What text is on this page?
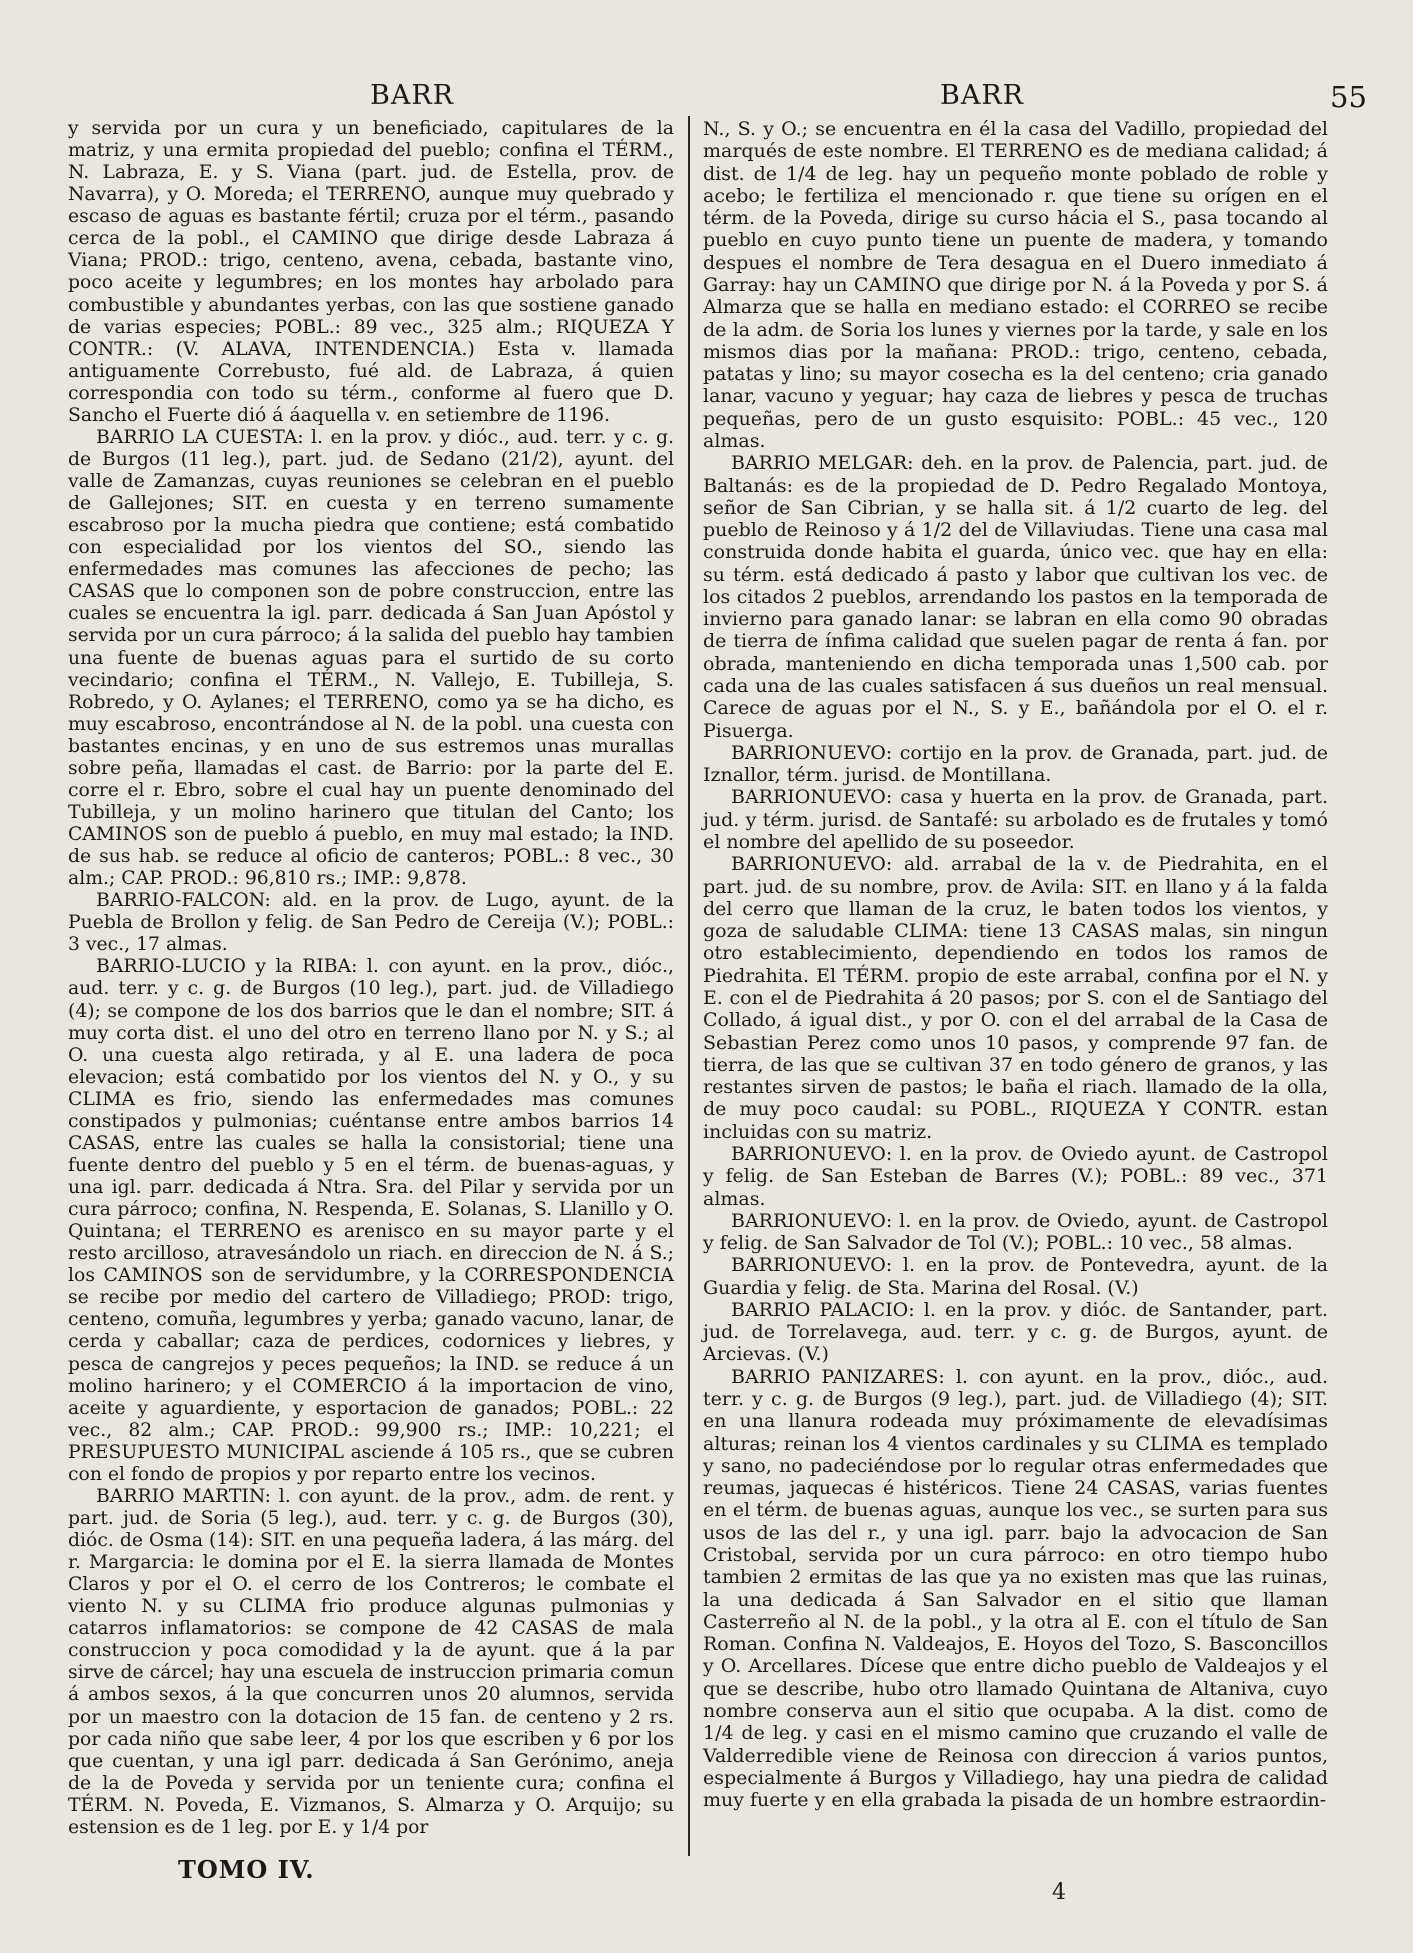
BARR	BARR	55

y servida por un cura y un beneficiado, capitulares de la matriz, y una ermita propiedad del pueblo; confina el TÉRM., N. Labraza, E. y S. Viana (part. jud. de Estella, prov. de Navarra), y O. Moreda; el TERRENO, aunque muy quebrado y escaso de aguas es bastante fértil; cruza por el térm., pasando cerca de la pobl., el CAMINO que dirige desde Labraza á Viana; PROD.: trigo, centeno, avena, cebada, bastante vino, poco aceite y legumbres; en los montes hay arbolado para combustible y abundantes yerbas, con las que sostiene ganado de varias especies; POBL.: 89 vec., 325 alm.; RIQUEZA Y CONTR.: (V. ALAVA, INTENDENCIA.) Esta v. llamada antiguamente Correbusto, fué ald. de Labraza, á quien correspondia con todo su térm., conforme al fuero que D. Sancho el Fuerte dió á áaquella v. en setiembre de 1196.

BARRIO LA CUESTA: l. en la prov. y dióc., aud. terr. y c. g. de Burgos (11 leg.), part. jud. de Sedano (21/2), ayunt. del valle de Zamanzas, cuyas reuniones se celebran en el pueblo de Gallejones; SIT. en cuesta y en terreno sumamente escabroso por la mucha piedra que contiene; está combatido con especialidad por los vientos del SO., siendo las enfermedades mas comunes las afecciones de pecho; las CASAS que lo componen son de pobre construccion, entre las cuales se encuentra la igl. parr. dedicada á San Juan Apóstol y servida por un cura párroco; á la salida del pueblo hay tambien una fuente de buenas aguas para el surtido de su corto vecindario; confina el TÉRM., N. Vallejo, E. Tubilleja, S. Robredo, y O. Aylanes; el TERRENO, como ya se ha dicho, es muy escabroso, encontrándose al N. de la pobl. una cuesta con bastantes encinas, y en uno de sus estremos unas murallas sobre peña, llamadas el cast. de Barrio: por la parte del E. corre el r. Ebro, sobre el cual hay un puente denominado del Tubilleja, y un molino harinero que titulan del Canto; los CAMINOS son de pueblo á pueblo, en muy mal estado; la IND. de sus hab. se reduce al oficio de canteros; POBL.: 8 vec., 30 alm.; CAP. PROD.: 96,810 rs.; IMP.: 9,878.

BARRIO-FALCON: ald. en la prov. de Lugo, ayunt. de la Puebla de Brollon y felig. de San Pedro de Cereija (V.); POBL.: 3 vec., 17 almas.

BARRIO-LUCIO y la RIBA: l. con ayunt. en la prov., dióc., aud. terr. y c. g. de Burgos (10 leg.), part. jud. de Villadiego (4); se compone de los dos barrios que le dan el nombre; SIT. á muy corta dist. el uno del otro en terreno llano por N. y S.; al O. una cuesta algo retirada, y al E. una ladera de poca elevacion; está combatido por los vientos del N. y O., y su CLIMA es frio, siendo las enfermedades mas comunes constipados y pulmonias; cuéntanse entre ambos barrios 14 CASAS, entre las cuales se halla la consistorial; tiene una fuente dentro del pueblo y 5 en el térm. de buenas-aguas, y una igl. parr. dedicada á Ntra. Sra. del Pilar y servida por un cura párroco; confina, N. Respenda, E. Solanas, S. Llanillo y O. Quintana; el TERRENO es arenisco en su mayor parte y el resto arcilloso, atravesándolo un riach. en direccion de N. á S.; los CAMINOS son de servidumbre, y la CORRESPONDENCIA se recibe por medio del cartero de Villadiego; PROD: trigo, centeno, comuña, legumbres y yerba; ganado vacuno, lanar, de cerda y caballar; caza de perdices, codornices y liebres, y pesca de cangrejos y peces pequeños; la IND. se reduce á un molino harinero; y el COMERCIO á la importacion de vino, aceite y aguardiente, y esportacion de ganados; POBL.: 22 vec., 82 alm.; CAP. PROD.: 99,900 rs.; IMP.: 10,221; el PRESUPUESTO MUNICIPAL asciende á 105 rs., que se cubren con el fondo de propios y por reparto entre los vecinos.

BARRIO MARTIN: l. con ayunt. de la prov., adm. de rent. y part. jud. de Soria (5 leg.), aud. terr. y c. g. de Burgos (30), dióc. de Osma (14): SIT. en una pequeña ladera, á las márg. del r. Margarcia: le domina por el E. la sierra llamada de Montes Claros y por el O. el cerro de los Contreros; le combate el viento N. y su CLIMA frio produce algunas pulmonias y catarros inflamatorios: se compone de 42 CASAS de mala construccion y poca comodidad y la de ayunt. que á la par sirve de cárcel; hay una escuela de instruccion primaria comun á ambos sexos, á la que concurren unos 20 alumnos, servida por un maestro con la dotacion de 15 fan. de centeno y 2 rs. por cada niño que sabe leer, 4 por los que escriben y 6 por los que cuentan, y una igl parr. dedicada á San Gerónimo, aneja de la de Poveda y servida por un teniente cura; confina el TÉRM. N. Poveda, E. Vizmanos, S. Almarza y O. Arquijo; su estension es de 1 leg. por E. y 1/4 por

N., S. y O.; se encuentra en él la casa del Vadillo, propiedad del marqués de este nombre. El TERRENO es de mediana calidad; á dist. de 1/4 de leg. hay un pequeño monte poblado de roble y acebo; le fertiliza el mencionado r. que tiene su orígen en el térm. de la Poveda, dirige su curso hácia el S., pasa tocando al pueblo en cuyo punto tiene un puente de madera, y tomando despues el nombre de Tera desagua en el Duero inmediato á Garray: hay un CAMINO que dirige por N. á la Poveda y por S. á Almarza que se halla en mediano estado: el CORREO se recibe de la adm. de Soria los lunes y viernes por la tarde, y sale en los mismos dias por la mañana: PROD.: trigo, centeno, cebada, patatas y lino; su mayor cosecha es la del centeno; cria ganado lanar, vacuno y yeguar; hay caza de liebres y pesca de truchas pequeñas, pero de un gusto esquisito: POBL.: 45 vec., 120 almas.

BARRIO MELGAR: deh. en la prov. de Palencia, part. jud. de Baltanás: es de la propiedad de D. Pedro Regalado Montoya, señor de San Cibrian, y se halla sit. á 1/2 cuarto de leg. del pueblo de Reinoso y á 1/2 del de Villaviudas. Tiene una casa mal construida donde habita el guarda, único vec. que hay en ella: su térm. está dedicado á pasto y labor que cultivan los vec. de los citados 2 pueblos, arrendando los pastos en la temporada de invierno para ganado lanar: se labran en ella como 90 obradas de tierra de ínfima calidad que suelen pagar de renta á fan. por obrada, manteniendo en dicha temporada unas 1,500 cab. por cada una de las cuales satisfacen á sus dueños un real mensual. Carece de aguas por el N., S. y E., bañándola por el O. el r. Pisuerga.

BARRIONUEVO: cortijo en la prov. de Granada, part. jud. de Iznallor, térm. jurisd. de Montillana.

BARRIONUEVO: casa y huerta en la prov. de Granada, part. jud. y térm. jurisd. de Santafé: su arbolado es de frutales y tomó el nombre del apellido de su poseedor.

BARRIONUEVO: ald. arrabal de la v. de Piedrahita, en el part. jud. de su nombre, prov. de Avila: SIT. en llano y á la falda del cerro que llaman de la cruz, le baten todos los vientos, y goza de saludable CLIMA: tiene 13 CASAS malas, sin ningun otro establecimiento, dependiendo en todos los ramos de Piedrahita. El TÉRM. propio de este arrabal, confina por el N. y E. con el de Piedrahita á 20 pasos; por S. con el de Santiago del Collado, á igual dist., y por O. con el del arrabal de la Casa de Sebastian Perez como unos 10 pasos, y comprende 97 fan. de tierra, de las que se cultivan 37 en todo género de granos, y las restantes sirven de pastos; le baña el riach. llamado de la olla, de muy poco caudal: su POBL., RIQUEZA Y CONTR. estan incluidas con su matriz.

BARRIONUEVO: l. en la prov. de Oviedo ayunt. de Castropol y felig. de San Esteban de Barres (V.); POBL.: 89 vec., 371 almas.

BARRIONUEVO: l. en la prov. de Oviedo, ayunt. de Castropol y felig. de San Salvador de Tol (V.); POBL.: 10 vec., 58 almas.

BARRIONUEVO: l. en la prov. de Pontevedra, ayunt. de la Guardia y felig. de Sta. Marina del Rosal. (V.)

BARRIO PALACIO: l. en la prov. y dióc. de Santander, part. jud. de Torrelavega, aud. terr. y c. g. de Burgos, ayunt. de Arcievas. (V.)

BARRIO PANIZARES: l. con ayunt. en la prov., dióc., aud. terr. y c. g. de Burgos (9 leg.), part. jud. de Villadiego (4); SIT. en una llanura rodeada muy próximamente de elevadísimas alturas; reinan los 4 vientos cardinales y su CLIMA es templado y sano, no padeciéndose por lo regular otras enfermedades que reumas, jaquecas é histéricos. Tiene 24 CASAS, varias fuentes en el térm. de buenas aguas, aunque los vec., se surten para sus usos de las del r., y una igl. parr. bajo la advocacion de San Cristobal, servida por un cura párroco: en otro tiempo hubo tambien 2 ermitas de las que ya no existen mas que las ruinas, la una dedicada á San Salvador en el sitio que llaman Casterreño al N. de la pobl., y la otra al E. con el título de San Roman. Confina N. Valdeajos, E. Hoyos del Tozo, S. Basconcillos y O. Arcellares. Dícese que entre dicho pueblo de Valdeajos y el que se describe, hubo otro llamado Quintana de Altaniva, cuyo nombre conserva aun el sitio que ocupaba. A la dist. como de 1/4 de leg. y casi en el mismo camino que cruzando el valle de Valderredible viene de Reinosa con direccion á varios puntos, especialmente á Burgos y Villadiego, hay una piedra de calidad muy fuerte y en ella grabada la pisada de un hombre estraordin-

TOMO IV.
4
